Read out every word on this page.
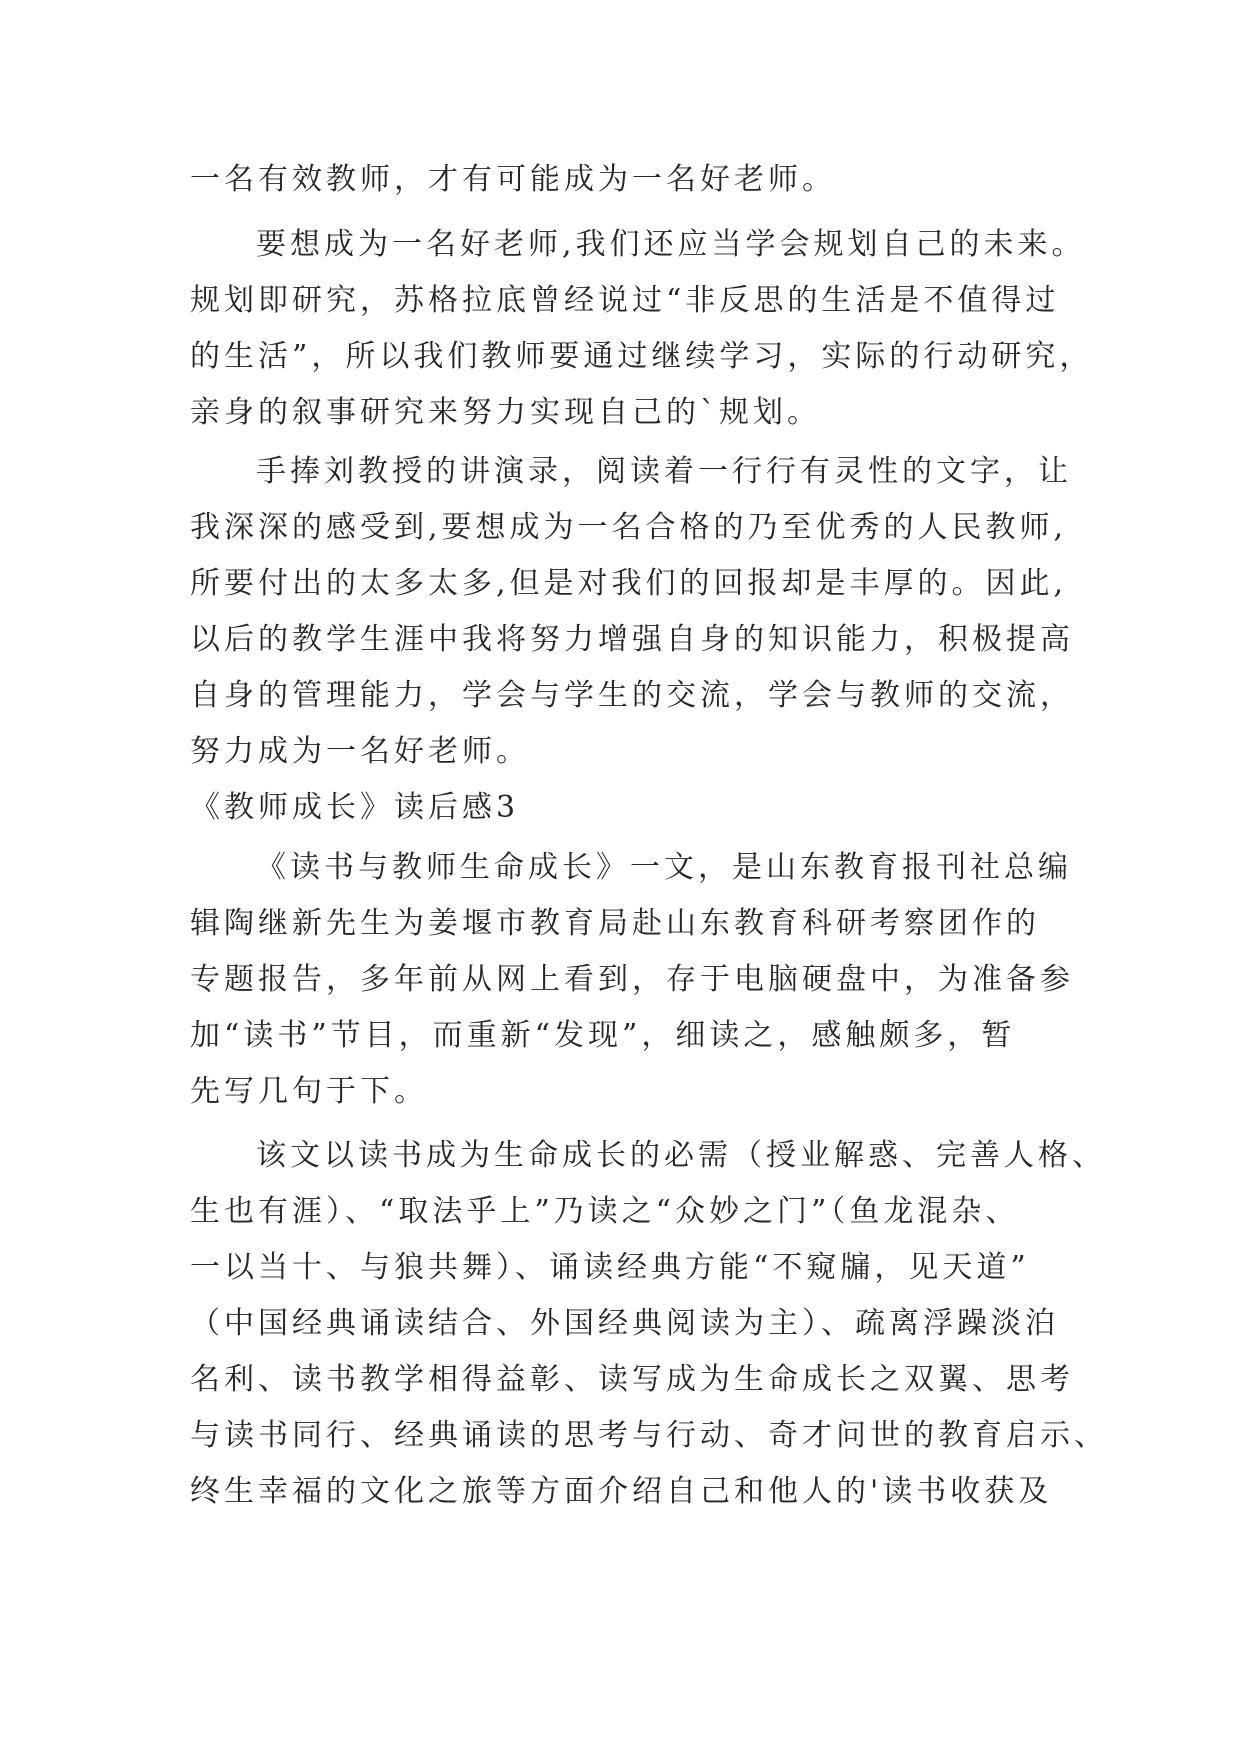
一名有效教师，才有可能成为一名好老师。

要想成为一名好老师,我们还应当学会规划自己的未来。

规划即研究，苏格拉底曾经说过“非反思的生活是不值得过

的生活”，所以我们教师要通过继续学习，实际的行动研究，

亲身的叙事研究来努力实现自己的`规划。

手捧刘教授的讲演录，阅读着一行行有灵性的文字，让

我深深的感受到,要想成为一名合格的乃至优秀的人民教师,

所要付出的太多太多,但是对我们的回报却是丰厚的。因此,

以后的教学生涯中我将努力增强自身的知识能力，积极提高

自身的管理能力，学会与学生的交流，学会与教师的交流，

努力成为一名好老师。

《教师成长》读后感3

《读书与教师生命成长》一文，是山东教育报刊社总编

辑陶继新先生为姜堰市教育局赴山东教育科研考察团作的

专题报告，多年前从网上看到，存于电脑硬盘中，为准备参

加“读书”节目，而重新“发现”，细读之，感触颇多，暂

先写几句于下。

该文以读书成为生命成长的必需（授业解惑、完善人格、

生也有涯）、“取法乎上”乃读之“众妙之门”（鱼龙混杂、

一以当十、与狼共舞）、诵读经典方能“不窥牖，见天道”

（中国经典诵读结合、外国经典阅读为主）、疏离浮躁淡泊

名利、读书教学相得益彰、读写成为生命成长之双翼、思考

与读书同行、经典诵读的思考与行动、奇才问世的教育启示、

终生幸福的文化之旅等方面介绍自己和他人的'读书收获及
